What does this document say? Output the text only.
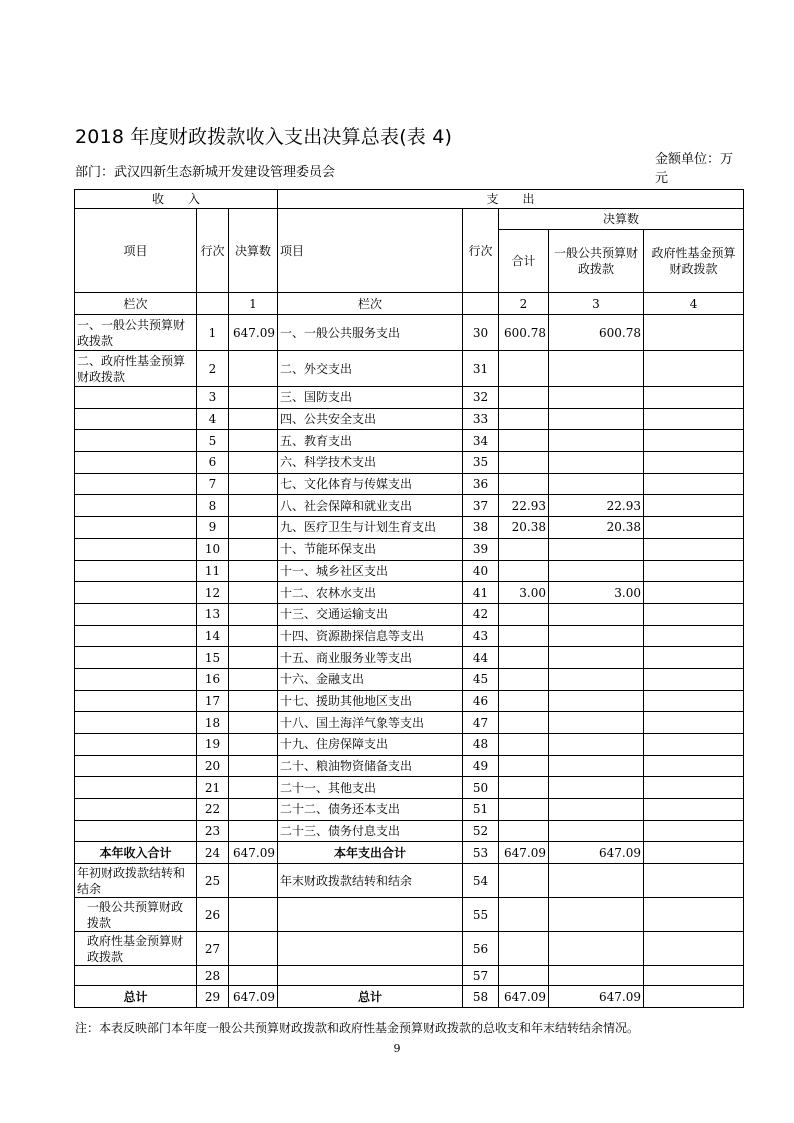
2018 年度财政拨款收入支出决算总表(表 4)
部门：武汉四新生态新城开发建设管理委员会
金额单位：万元
收　　入			支　　出				
项目	行次	决算数	项目	行次	决算数		
					合计	一般公共预算财政拨款	政府性基金预算财政拨款
栏次		1	栏次		2	3	4
一、一般公共预算财政拨款	1	647.09	一、一般公共服务支出	30	600.78	600.78	
二、政府性基金预算财政拨款	2		二、外交支出	31			
	3		三、国防支出	32			
	4		四、公共安全支出	33			
	5		五、教育支出	34			
	6		六、科学技术支出	35			
	7		七、文化体育与传媒支出	36			
	8		八、社会保障和就业支出	37	22.93	22.93	
	9		九、医疗卫生与计划生育支出	38	20.38	20.38	
	10		十、节能环保支出	39			
	11		十一、城乡社区支出	40			
	12		十二、农林水支出	41	3.00	3.00	
	13		十三、交通运输支出	42			
	14		十四、资源勘探信息等支出	43			
	15		十五、商业服务业等支出	44			
	16		十六、金融支出	45			
	17		十七、援助其他地区支出	46			
	18		十八、国土海洋气象等支出	47			
	19		十九、住房保障支出	48			
	20		二十、粮油物资储备支出	49			
	21		二十一、其他支出	50			
	22		二十二、债务还本支出	51			
	23		二十三、债务付息支出	52			
本年收入合计	24	647.09	本年支出合计	53	647.09	647.09	
年初财政拨款结转和结余	25		年末财政拨款结转和结余	54			
一般公共预算财政拨款	26			55			
政府性基金预算财政拨款	27			56			
	28			57			
总计	29	647.09	总计	58	647.09	647.09	
注：本表反映部门本年度一般公共预算财政拨款和政府性基金预算财政拨款的总收支和年末结转结余情况。
9
